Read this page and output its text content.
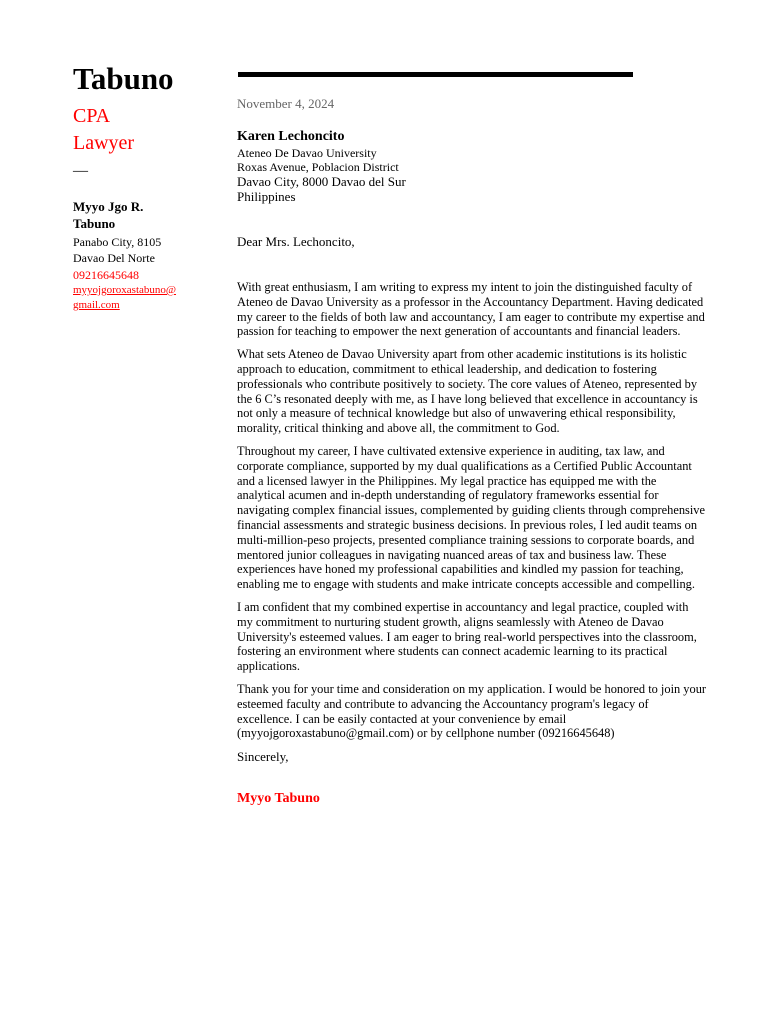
Tabuno
CPA
Lawyer
—
Myyo Jgo R. Tabuno
Panabo City, 8105 Davao Del Norte
09216645648
myyojgoroxastabuno@gmail.com
November 4, 2024
Karen Lechoncito
Ateneo De Davao University
Roxas Avenue, Poblacion District
Davao City, 8000 Davao del Sur
Philippines
Dear Mrs. Lechoncito,

With great enthusiasm, I am writing to express my intent to join the distinguished faculty of Ateneo de Davao University as a professor in the Accountancy Department. Having dedicated my career to the fields of both law and accountancy, I am eager to contribute my expertise and passion for teaching to empower the next generation of accountants and financial leaders.

What sets Ateneo de Davao University apart from other academic institutions is its holistic approach to education, commitment to ethical leadership, and dedication to fostering professionals who contribute positively to society. The core values of Ateneo, represented by the 6 C’s resonated deeply with me, as I have long believed that excellence in accountancy is not only a measure of technical knowledge but also of unwavering ethical responsibility, morality, critical thinking and above all, the commitment to God.

Throughout my career, I have cultivated extensive experience in auditing, tax law, and corporate compliance, supported by my dual qualifications as a Certified Public Accountant and a licensed lawyer in the Philippines. My legal practice has equipped me with the analytical acumen and in-depth understanding of regulatory frameworks essential for navigating complex financial issues, complemented by guiding clients through comprehensive financial assessments and strategic business decisions. In previous roles, I led audit teams on multi-million-peso projects, presented compliance training sessions to corporate boards, and mentored junior colleagues in navigating nuanced areas of tax and business law. These experiences have honed my professional capabilities and kindled my passion for teaching, enabling me to engage with students and make intricate concepts accessible and compelling.

I am confident that my combined expertise in accountancy and legal practice, coupled with my commitment to nurturing student growth, aligns seamlessly with Ateneo de Davao University's esteemed values. I am eager to bring real-world perspectives into the classroom, fostering an environment where students can connect academic learning to its practical applications.

Thank you for your time and consideration on my application. I would be honored to join your esteemed faculty and contribute to advancing the Accountancy program's legacy of excellence. I can be easily contacted at your convenience by email (myyojgoroxastabuno@gmail.com) or by cellphone number (09216645648)

Sincerely,
Myyo Tabuno
